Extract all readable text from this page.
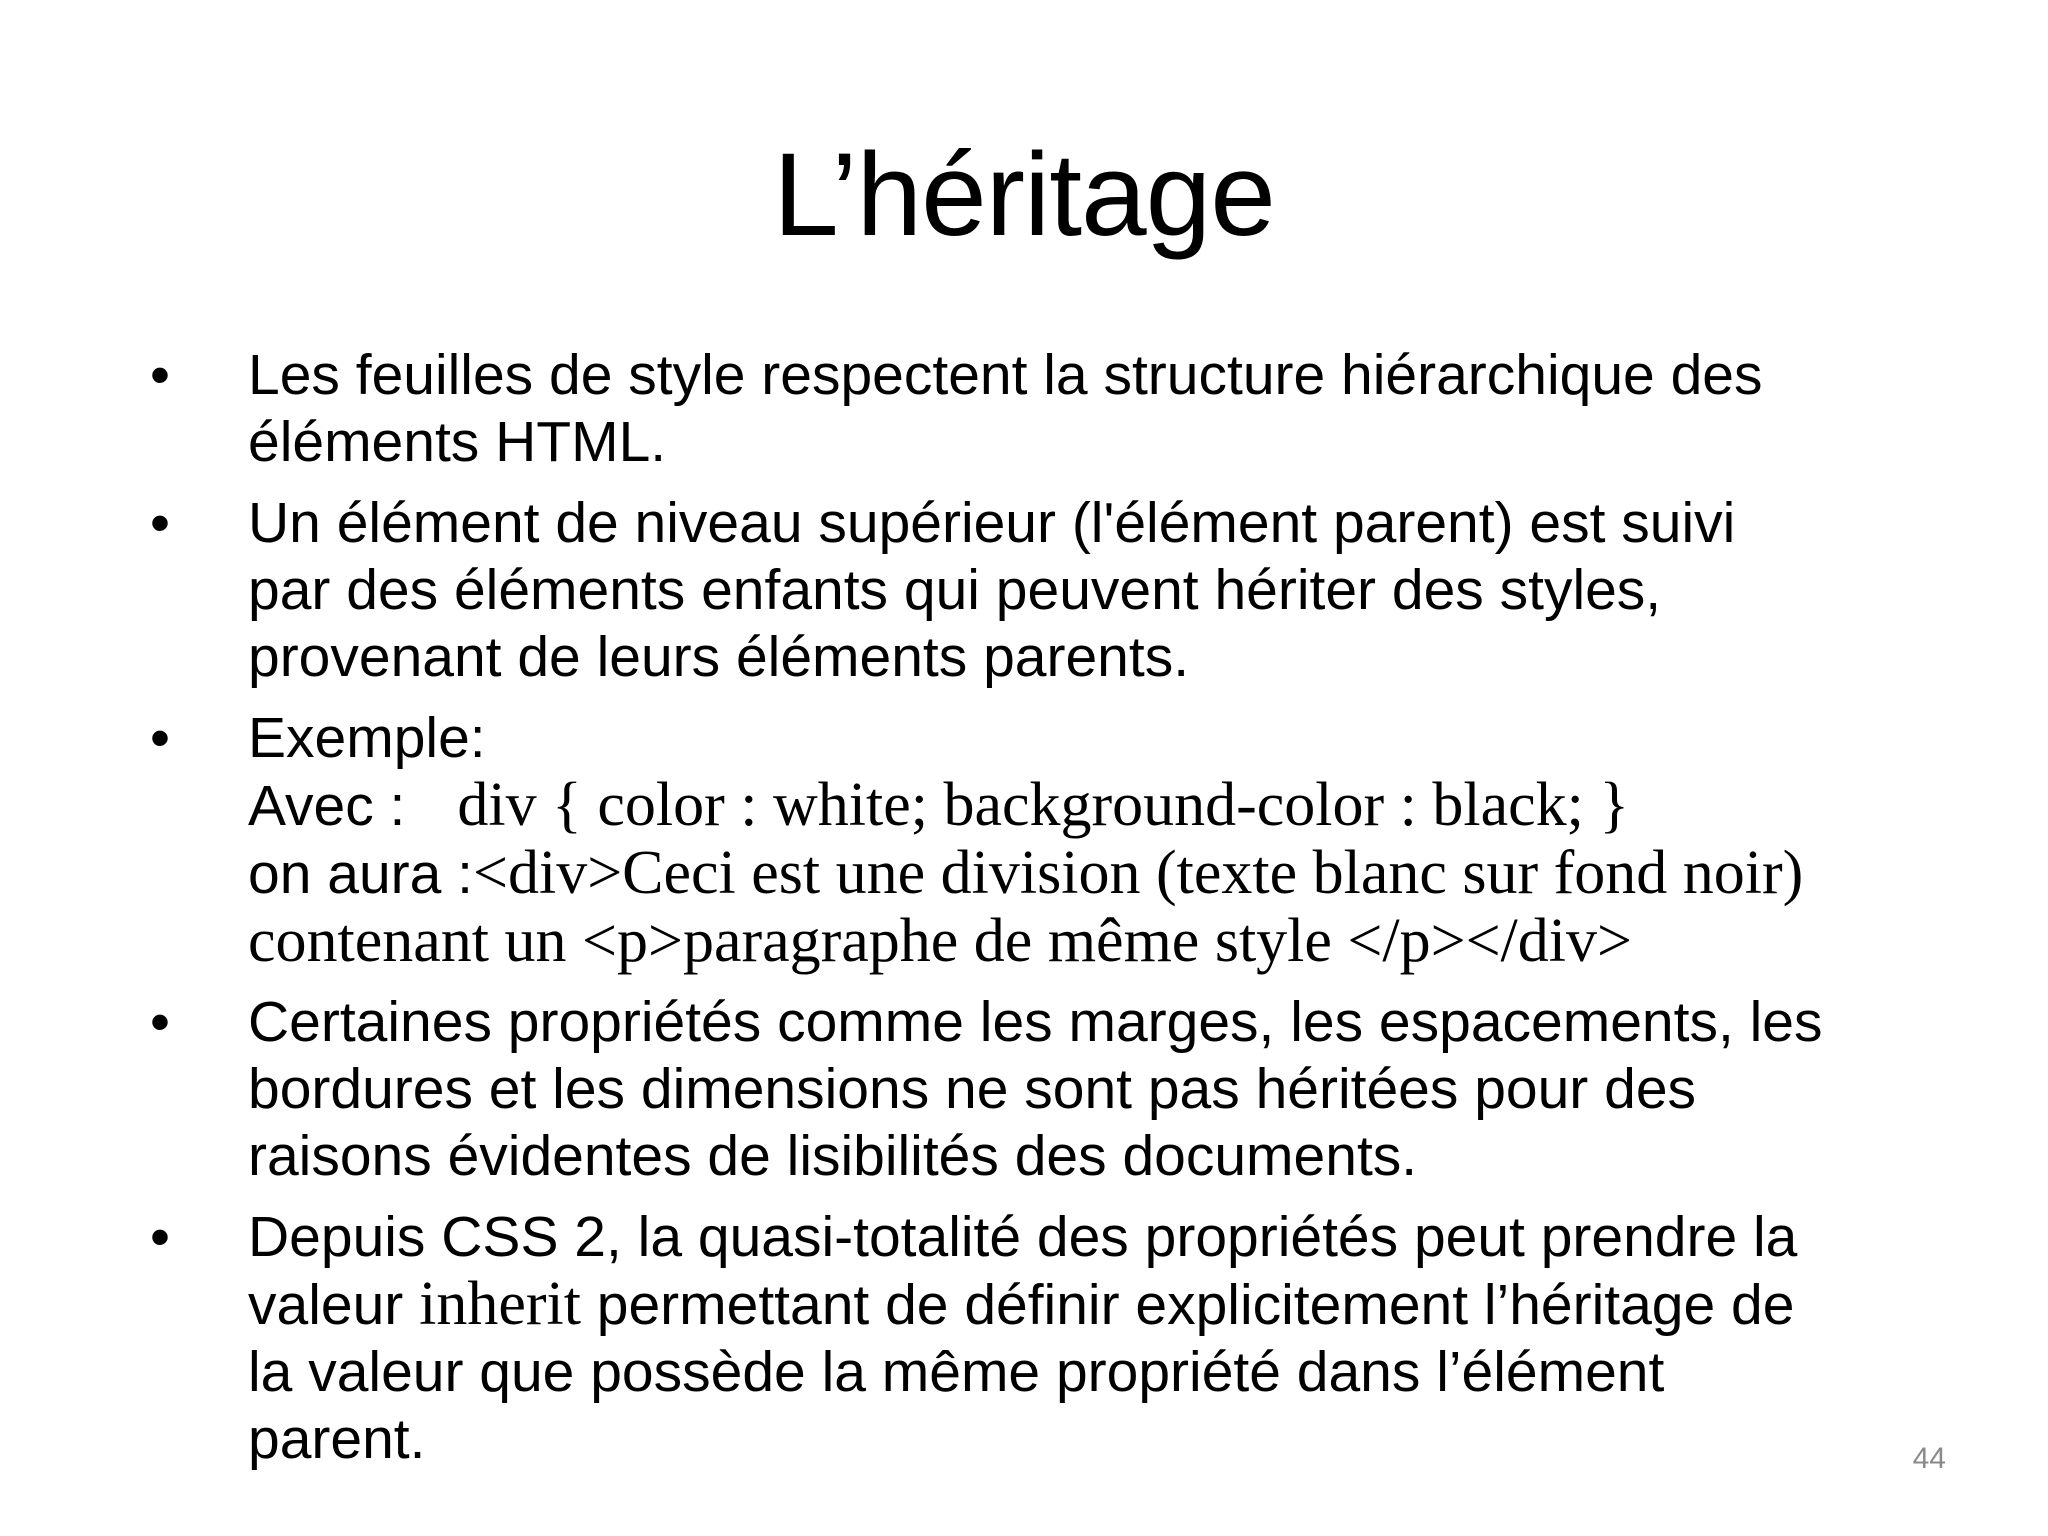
L’héritage
• Les feuilles de style respectent la structure hiérarchique des
éléments HTML.
• Un élément de niveau supérieur (l'élément parent) est suivi
par des éléments enfants qui peuvent hériter des styles,
provenant de leurs éléments parents.
• Exemple:
Avec : div { color : white; background-color : black; }
on aura :<div>Ceci est une division (texte blanc sur fond noir)
contenant un <p>paragraphe de même style </p></div>
• Certaines propriétés comme les marges, les espacements, les
bordures et les dimensions ne sont pas héritées pour des
raisons évidentes de lisibilités des documents.
• Depuis CSS 2, la quasi-totalité des propriétés peut prendre la
valeur inherit permettant de définir explicitement l’héritage de
la valeur que possède la même propriété dans l’élément
parent.	44
